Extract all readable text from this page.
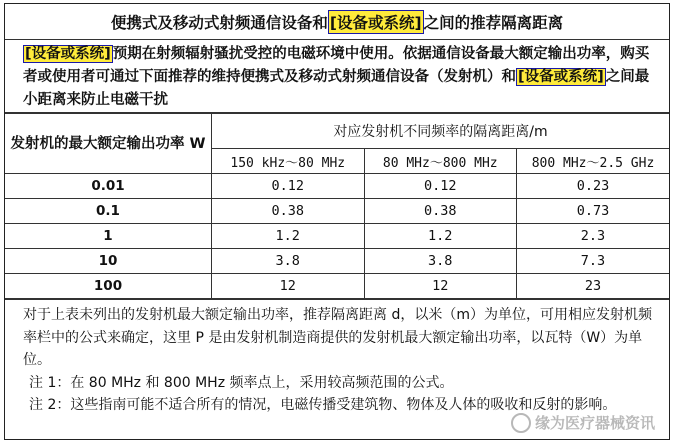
便携式及移动式射频通信设备和 [设备或系统] 之间的推荐隔离距离
[设备或系统] 预期在射频辐射骚扰受控的电磁环境中使用。依据通信设备最大额定输出功率，购买者或使用者可通过下面推荐的维持便携式及移动式射频通信设备（发射机）和 [设备或系统] 之间最小距离来防止电磁干扰
发射机的最大额定输出功率 W	对应发射机不同频率的隔离距离/m		
	150 kHz～80 MHz	80 MHz～800 MHz	800 MHz～2.5 GHz
0.01	0.12	0.12	0.23
0.1	0.38	0.38	0.73
1	1.2	1.2	2.3
10	3.8	3.8	7.3
100	12	12	23
对于上表未列出的发射机最大额定输出功率，推荐隔离距离 d，以米（m）为单位，可用相应发射机频率栏中的公式来确定，这里 P 是由发射机制造商提供的发射机最大额定输出功率，以瓦特（W）为单位。
注 1：在 80 MHz 和 800 MHz 频率点上，采用较高频范围的公式。
注 2：这些指南可能不适合所有的情况，电磁传播受建筑物、物体及人体的吸收和反射的影响。
缘为医疗器械资讯
